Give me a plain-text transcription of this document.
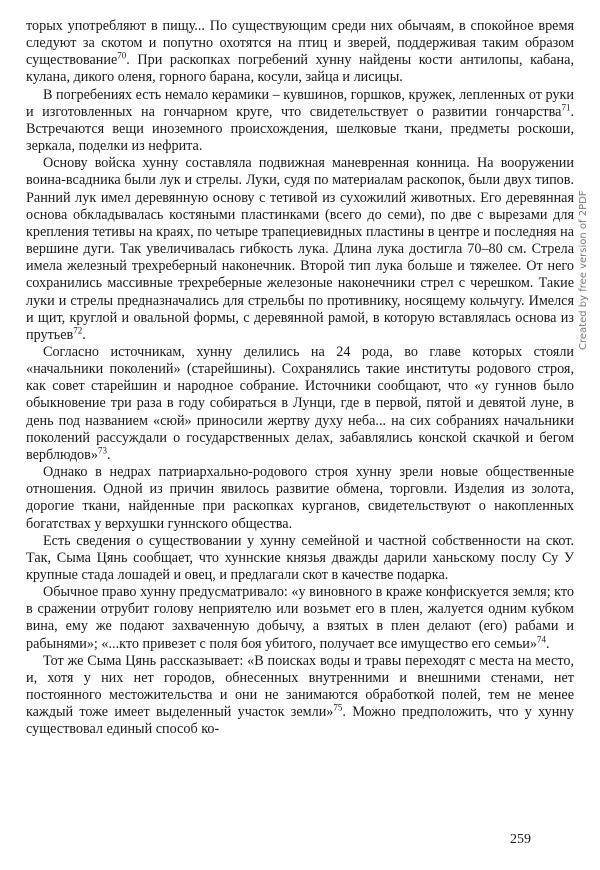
торых употребляют в пищу... По существующим среди них обычаям, в спокойное время следуют за скотом и попутно охотятся на птиц и зверей, поддерживая таким образом существование$^{70}$. При раскопках погребений хунну найдены кости антилопы, кабана, кулана, дикого оленя, горного барана, косули, зайца и лисицы.

В погребениях есть немало керамики – кувшинов, горшков, кружек, лепленных от руки и изготовленных на гончарном круге, что свидетельствует о развитии гончарства$^{71}$. Встречаются вещи иноземного происхождения, шелковые ткани, предметы роскоши, зеркала, поделки из нефрита.

Основу войска хунну составляла подвижная маневренная конница. На вооружении воина-всадника были лук и стрелы. Луки, судя по материалам раскопок, были двух типов. Ранний лук имел деревянную основу с тетивой из сухожилий животных. Его деревянная основа обкладывалась костяными пластинками (всего до семи), по две с вырезами для крепления тетивы на краях, по четыре трапециевидных пластины в центре и последняя на вершине дуги. Так увеличивалась гибкость лука. Длина лука достигла 70–80 см. Стрела имела железный трехреберный наконечник. Второй тип лука больше и тяжелее. От него сохранились массивные трехреберные железоные наконечники стрел с черешком. Такие луки и стрелы предназначались для стрельбы по противнику, носящему кольчугу. Имелся и щит, круглой и овальной формы, с деревянной рамой, в которую вставлялась основа из прутьев$^{72}$.

Согласно источникам, хунну делились на 24 рода, во главе которых стояли «начальники поколений» (старейшины). Сохранялись такие институты родового строя, как совет старейшин и народное собрание. Источники сообщают, что «у гуннов было обыкновение три раза в году собираться в Лунци, где в первой, пятой и девятой луне, в день под названием «сюй» приносили жертву духу неба... на сих собраниях начальники поколений рассуждали о государственных делах, забавлялись конской скачкой и бегом верблюдов»$^{73}$.

Однако в недрах патриархально-родового строя хунну зрели новые общественные отношения. Одной из причин явилось развитие обмена, торговли. Изделия из золота, дорогие ткани, найденные при раскопках курганов, свидетельствуют о накопленных богатствах у верхушки гуннского общества.

Есть сведения о существовании у хунну семейной и частной собственности на скот. Так, Сыма Цянь сообщает, что хуннские князья дважды дарили ханьскому послу Су У крупные стада лошадей и овец, и предлагали скот в качестве подарка.

Обычное право хунну предусматривало: «у виновного в краже конфискуется земля; кто в сражении отрубит голову неприятелю или возьмет его в плен, жалуется одним кубком вина, ему же подают захваченную добычу, а взятых в плен делают (его) рабами и рабынями»; «...кто привезет с поля боя убитого, получает все имущество его семьи»$^{74}$.

Тот же Сыма Цянь рассказывает: «В поисках воды и травы переходят с места на место, и, хотя у них нет городов, обнесенных внутренними и внешними стенами, нет постоянного местожительства и они не занимаются обработкой полей, тем не менее каждый тоже имеет выделенный участок земли»$^{75}$. Можно предположить, что у хунну существовал единый способ ко-

Created by free version of 2PDF
259
